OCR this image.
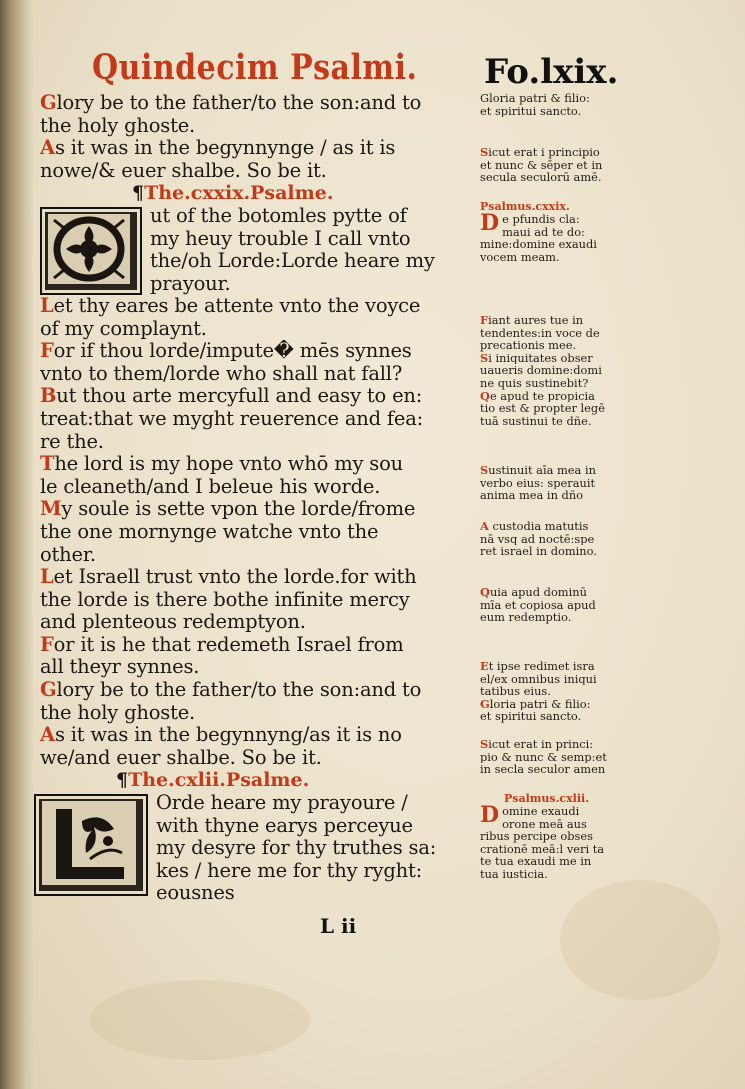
Quindecim Psalmi.	Fo.lxix.
Glory be to the father/to the son:and to
the holy ghoste.
As it was in the begynnynge / as it is
nowe/& euer shalbe. So be it.
¶The.cxxix.Psalme.
ut of the botomles pytte of
my heuy trouble I call vnto
the/oh Lorde:Lorde heare my
prayour.
Let thy eares be attente vnto the voyce
of my complaynt.
For if thou lorde/impute� mēs synnes
vnto to them/lorde who shall nat fall?
But thou arte mercyfull and easy to en:
treat:that we myght reuerence and fea:
re the.
The lord is my hope vnto whō my sou
le cleaneth/and I beleue his worde.
My soule is sette vpon the lorde/frome
the one mornynge watche vnto the
other.
Let Israell trust vnto the lorde.for with
the lorde is there bothe infinite mercy
and plenteous redemptyon.
For it is he that redemeth Israel from
all theyr synnes.
Glory be to the father/to the son:and to
the holy ghoste.
As it was in the begynnyng/as it is no
we/and euer shalbe. So be it.
¶The.cxlii.Psalme.
Orde heare my prayoure /
with thyne earys perceyue
my desyre for thy truthes sa:
kes / here me for thy ryght:
eousnes
Gloria patri & filio:
et spiritui sancto.
Sicut erat i principio
et nunc & sēper et in
secula seculorū amē.
Psalmus.cxxix.
D e pfundis cla:
maui ad te do:
mine:domine exaudi
vocem meam.
Fiant aures tue in
tendentes:in voce de
precationis mee.
Si iniquitates obser
uaueris domine:domi
ne quis sustinebit?
Qe apud te propicia
tio est & propter legē
tuā sustinui te dñe.
Sustinuit aīa mea in
verbo eius: sperauit
anima mea in dño
A custodia matutis
nā vsq ad noctē:spe
ret israel in domino.
Quia apud dominū
mīa et copiosa apud
eum redemptio.
Et ipse redimet isra
el/ex omnibus iniqui
tatibus eius.
Gloria patri & filio:
et spiritui sancto.
Sicut erat in princi:
pio & nunc & semp:et
in secla seculor amen
Psalmus.cxlii.
D omine exaudi
orone meā aus
ribus percipe obses
crationē meā:l veri ta
te tua exaudi me in
tua iusticia.
L ii
